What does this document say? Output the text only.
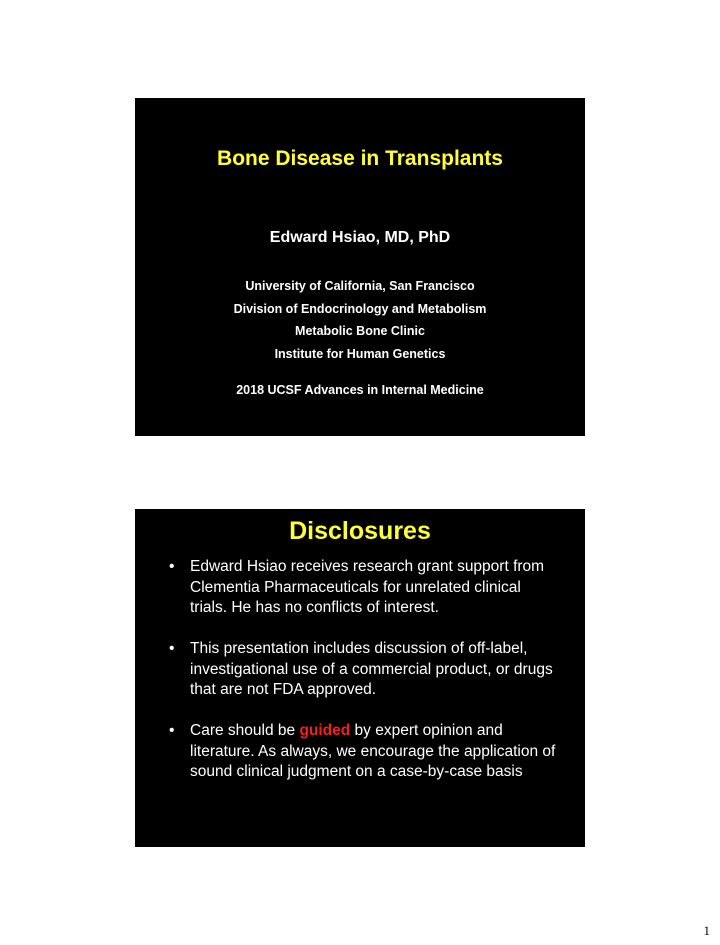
Bone Disease in Transplants
Edward Hsiao, MD, PhD
University of California, San Francisco
Division of Endocrinology and Metabolism
Metabolic Bone Clinic
Institute for Human Genetics
2018 UCSF Advances in Internal Medicine
Disclosures
• Edward Hsiao receives research grant support from Clementia Pharmaceuticals for unrelated clinical trials. He has no conflicts of interest.
• This presentation includes discussion of off-label, investigational use of a commercial product, or drugs that are not FDA approved.
• Care should be guided by expert opinion and literature. As always, we encourage the application of sound clinical judgment on a case-by-case basis
1
